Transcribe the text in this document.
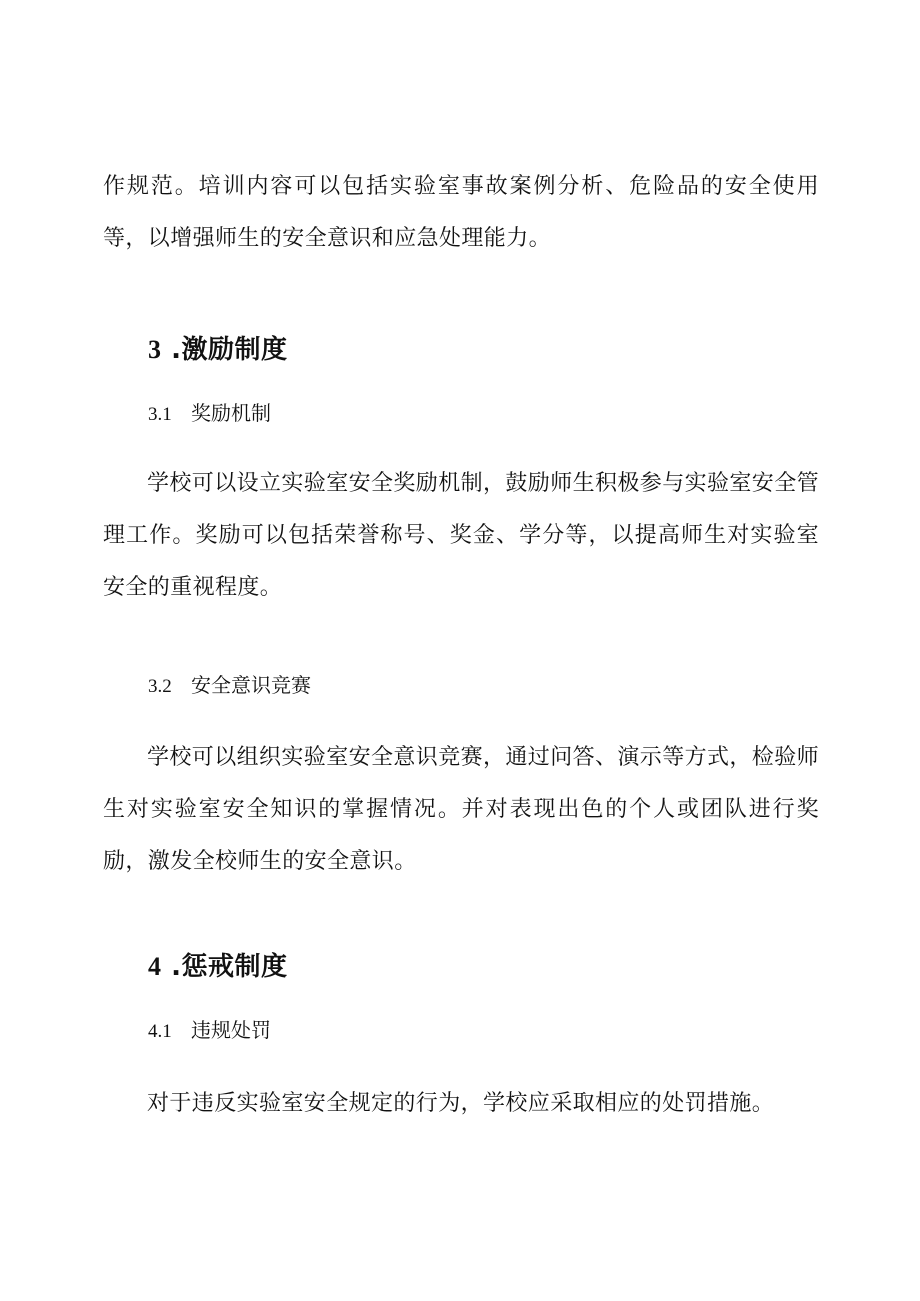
作规范。培训内容可以包括实验室事故案例分析、危险品的安全使用等，以增强师生的安全意识和应急处理能力。

3 .激励制度
3.1 奖励机制

学校可以设立实验室安全奖励机制，鼓励师生积极参与实验室安全管理工作。奖励可以包括荣誉称号、奖金、学分等，以提高师生对实验室安全的重视程度。

3.2 安全意识竞赛

学校可以组织实验室安全意识竞赛，通过问答、演示等方式，检验师生对实验室安全知识的掌握情况。并对表现出色的个人或团队进行奖励，激发全校师生的安全意识。

4 .惩戒制度
4.1 违规处罚

对于违反实验室安全规定的行为，学校应采取相应的处罚措施。
